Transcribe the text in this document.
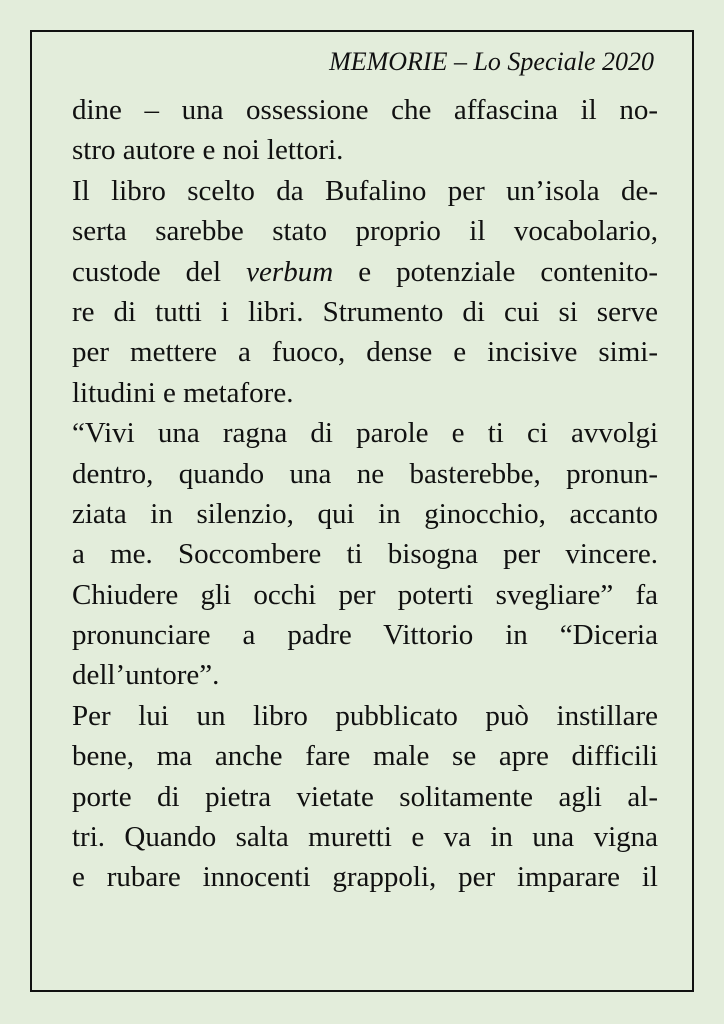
MEMORIE – Lo Speciale 2020
dine – una ossessione che affascina il no-
stro autore e noi lettori.
Il libro scelto da Bufalino per un’isola de-
serta sarebbe stato proprio il vocabolario,
custode del verbum e potenziale contenito-
re di tutti i libri. Strumento di cui si serve
per mettere a fuoco, dense e incisive simi-
litudini e metafore.
“Vivi una ragna di parole e ti ci avvolgi
dentro, quando una ne basterebbe, pronun-
ziata in silenzio, qui in ginocchio, accanto
a me. Soccombere ti bisogna per vincere.
Chiudere gli occhi per poterti svegliare” fa
pronunciare a padre Vittorio in “Diceria
dell’untore”.
Per lui un libro pubblicato può instillare
bene, ma anche fare male se apre difficili
porte di pietra vietate solitamente agli al-
tri. Quando salta muretti e va in una vigna
e rubare innocenti grappoli, per imparare il
